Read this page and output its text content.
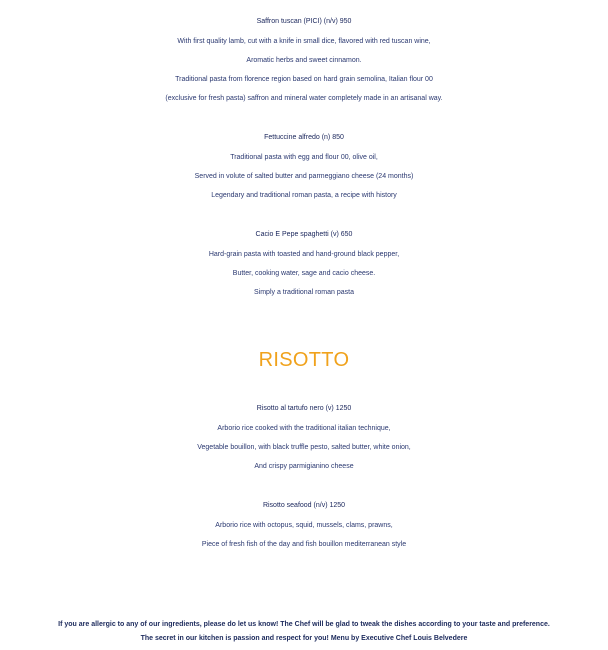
Saffron tuscan (PICI) (n/v) 950
With first quality lamb, cut with a knife in small dice, flavored with red tuscan wine,
Aromatic herbs and sweet cinnamon.
Traditional pasta from florence region based on hard grain semolina, Italian flour 00
(exclusive for fresh pasta) saffron and mineral water completely made in an artisanal way.
Fettuccine alfredo (n) 850
Traditional pasta with egg and flour 00, olive oil,
Served in volute of salted butter and parmeggiano cheese (24 months)
Legendary and traditional roman pasta, a recipe with history
Cacio E Pepe spaghetti (v) 650
Hard-grain pasta with toasted and hand-ground black pepper,
Butter, cooking water, sage and cacio cheese.
Simply a traditional roman pasta
RISOTTO
Risotto al tartufo nero (v) 1250
Arborio rice cooked with the traditional italian technique,
Vegetable bouillon, with black truffle pesto, salted butter, white onion,
And crispy parmigianino cheese
Risotto seafood (n/v) 1250
Arborio rice with octopus, squid, mussels, clams, prawns,
Piece of fresh fish of the day and fish bouillon mediterranean style
If you are allergic to any of our ingredients, please do let us know! The Chef will be glad to tweak the dishes according to your taste and preference.
The secret in our kitchen is passion and respect for you! Menu by Executive Chef Louis Belvedere
